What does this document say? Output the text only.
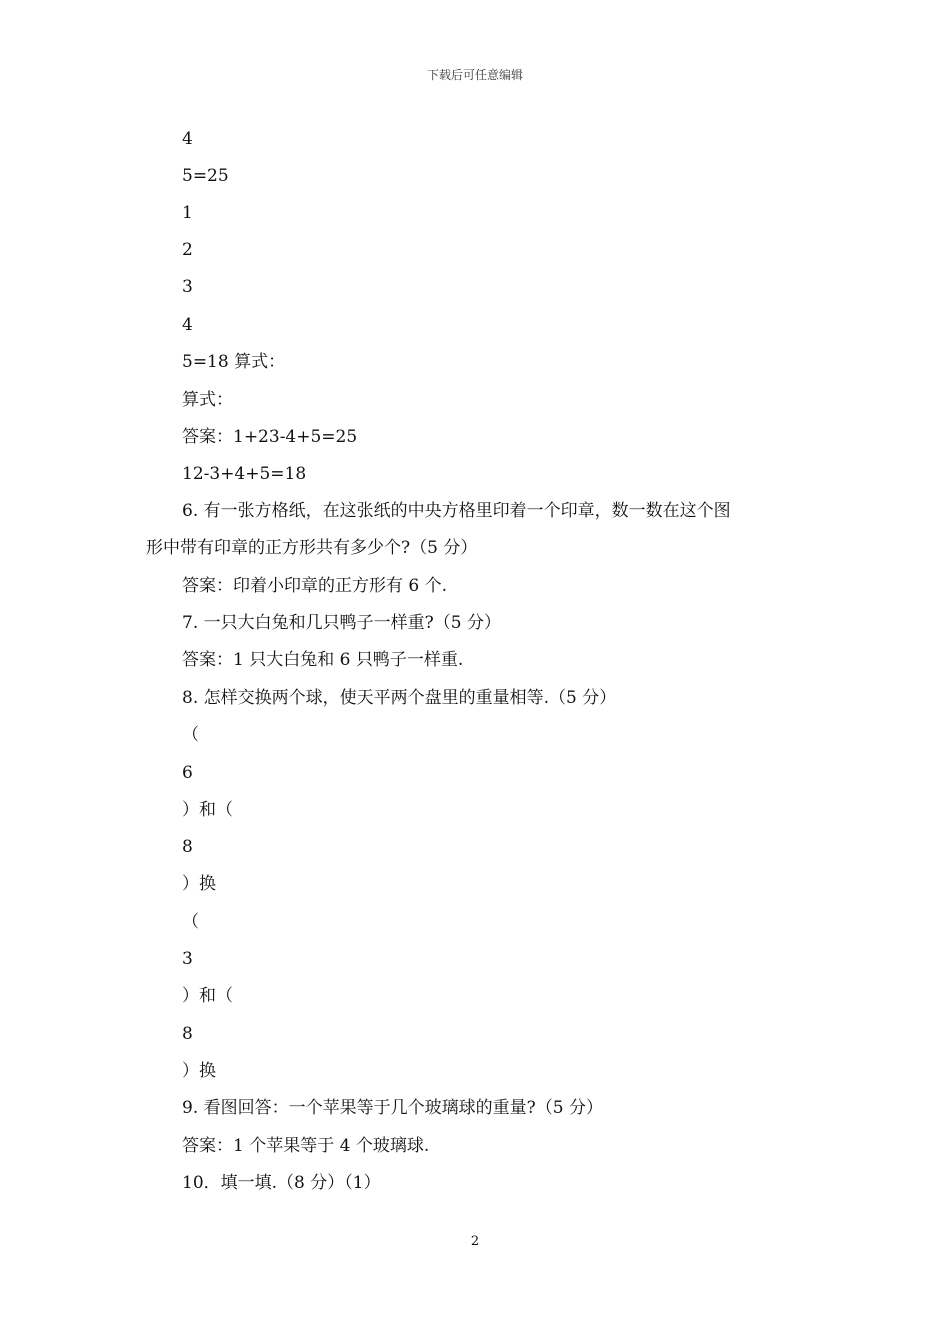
下载后可任意编辑
4
5=25
1
2
3
4
5=18 算式：
算式：
答案：1+23-4+5=25
12-3+4+5=18
6. 有一张方格纸，在这张纸的中央方格里印着一个印章，数一数在这个图
形中带有印章的正方形共有多少个?（5 分）
答案：印着小印章的正方形有 6 个.
7. 一只大白兔和几只鸭子一样重?（5 分）
答案：1 只大白兔和 6 只鸭子一样重.
8. 怎样交换两个球，使天平两个盘里的重量相等.（5 分）
（
6
）和（
8
）换
（
3
）和（
8
）换
9. 看图回答：一个苹果等于几个玻璃球的重量?（5 分）
答案：1 个苹果等于 4 个玻璃球.
10．填一填.（8 分）（1）
2
